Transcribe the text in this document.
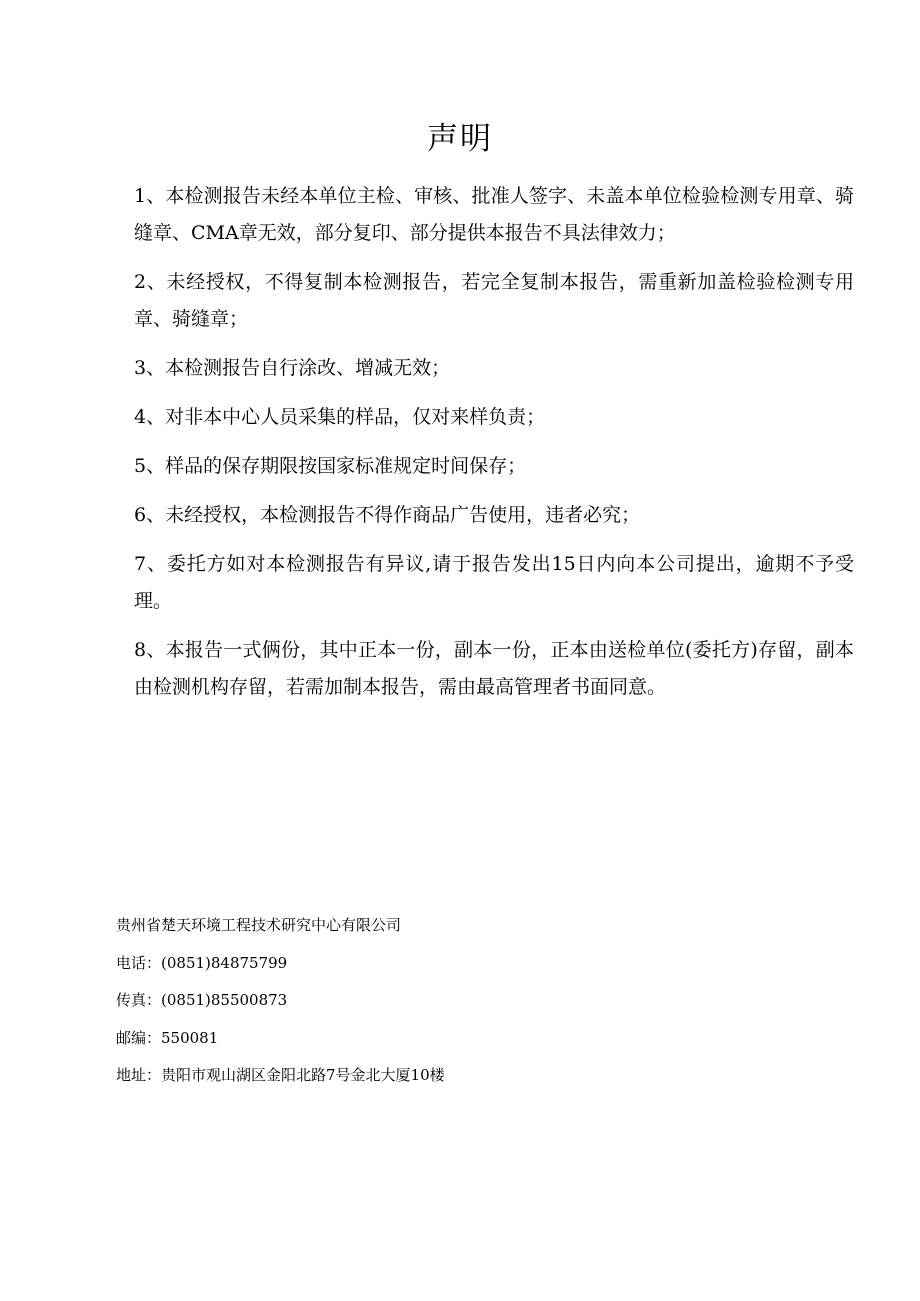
声明
1、本检测报告未经本单位主检、审核、批准人签字、未盖本单位检验检测专用章、骑缝章、CMA章无效，部分复印、部分提供本报告不具法律效力；
2、未经授权，不得复制本检测报告，若完全复制本报告，需重新加盖检验检测专用章、骑缝章；
3、本检测报告自行涂改、增减无效；
4、对非本中心人员采集的样品，仅对来样负责；
5、样品的保存期限按国家标准规定时间保存；
6、未经授权，本检测报告不得作商品广告使用，违者必究；
7、委托方如对本检测报告有异议,请于报告发出15日内向本公司提出，逾期不予受理。
8、本报告一式俩份，其中正本一份，副本一份，正本由送检单位(委托方)存留，副本由检测机构存留，若需加制本报告，需由最高管理者书面同意。
贵州省楚天环境工程技术研究中心有限公司
电话：(0851)84875799
传真：(0851)85500873
邮编：550081
地址：贵阳市观山湖区金阳北路7号金北大厦10楼
